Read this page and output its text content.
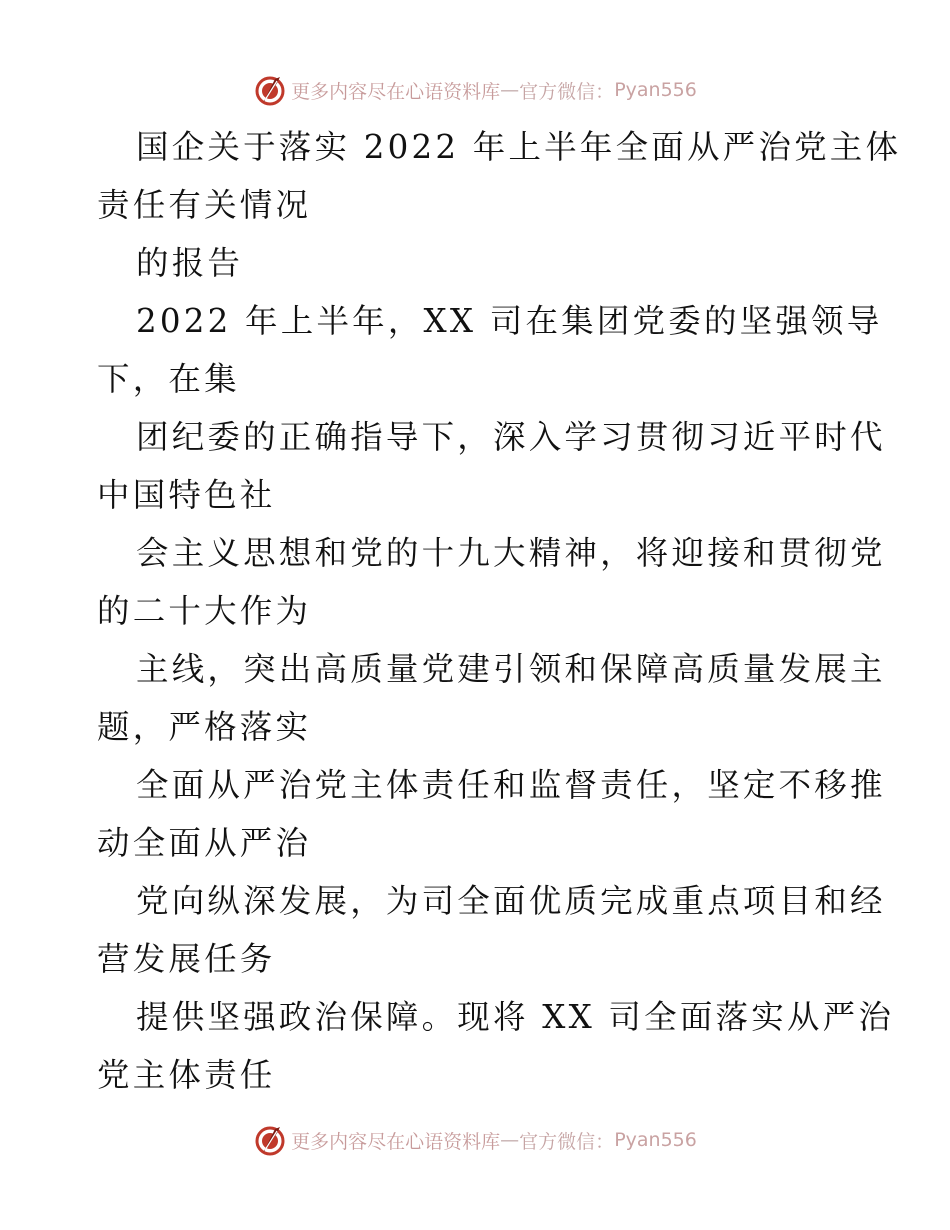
更多内容尽在心语资料库 — 官方微信： Pyan556
国企关于落实 2022 年上半年全面从严治党主体
责任有关情况
的报告
2022 年上半年，XX 司在集团党委的坚强领导
下，在集
团纪委的正确指导下，深入学习贯彻习近平时代
中国特色社
会主义思想和党的十九大精神，将迎接和贯彻党
的二十大作为
主线，突出高质量党建引领和保障高质量发展主
题，严格落实
全面从严治党主体责任和监督责任，坚定不移推
动全面从严治
党向纵深发展，为司全面优质完成重点项目和经
营发展任务
提供坚强政治保障。现将 XX 司全面落实从严治
党主体责任
更多内容尽在心语资料库 — 官方微信： Pyan556
